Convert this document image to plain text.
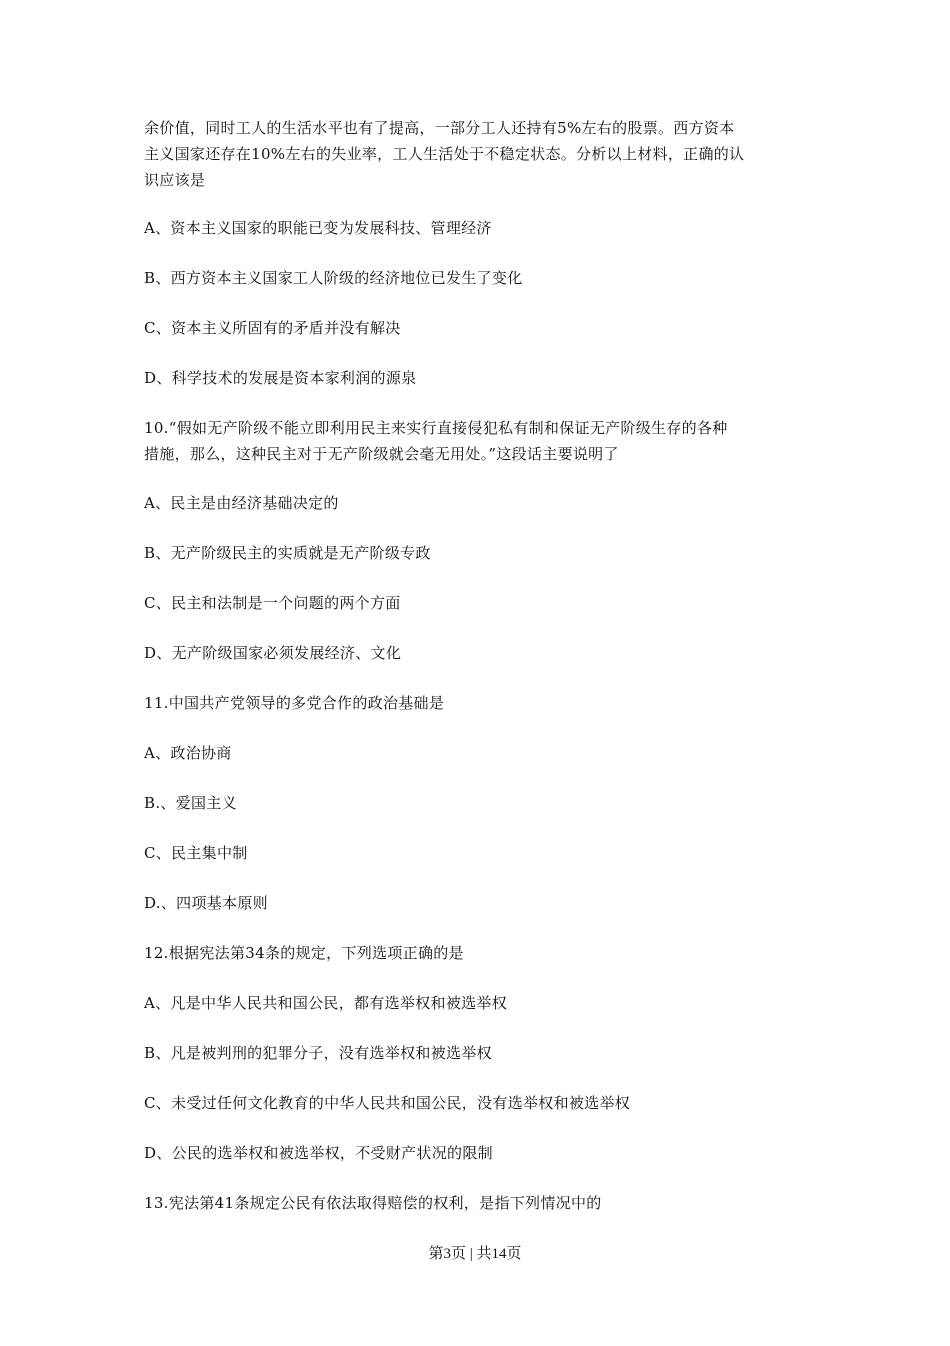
余价值，同时工人的生活水平也有了提高，一部分工人还持有5%左右的股票。西方资本
主义国家还存在10%左右的失业率，工人生活处于不稳定状态。分析以上材料，正确的认
识应该是
A、资本主义国家的职能已变为发展科技、管理经济
B、西方资本主义国家工人阶级的经济地位已发生了变化
C、资本主义所固有的矛盾并没有解决
D、科学技术的发展是资本家利润的源泉
10.“假如无产阶级不能立即利用民主来实行直接侵犯私有制和保证无产阶级生存的各种
措施，那么，这种民主对于无产阶级就会毫无用处。”这段话主要说明了
A、民主是由经济基础决定的
B、无产阶级民主的实质就是无产阶级专政
C、民主和法制是一个问题的两个方面
D、无产阶级国家必须发展经济、文化
11.中国共产党领导的多党合作的政治基础是
A、政治协商
B.、爱国主义
C、民主集中制
D.、四项基本原则
12.根据宪法第34条的规定，下列选项正确的是
A、凡是中华人民共和国公民，都有选举权和被选举权
B、凡是被判刑的犯罪分子，没有选举权和被选举权
C、未受过任何文化教育的中华人民共和国公民，没有选举权和被选举权
D、公民的选举权和被选举权，不受财产状况的限制
13.宪法第41条规定公民有依法取得赔偿的权利，是指下列情况中的
第3页 | 共14页
